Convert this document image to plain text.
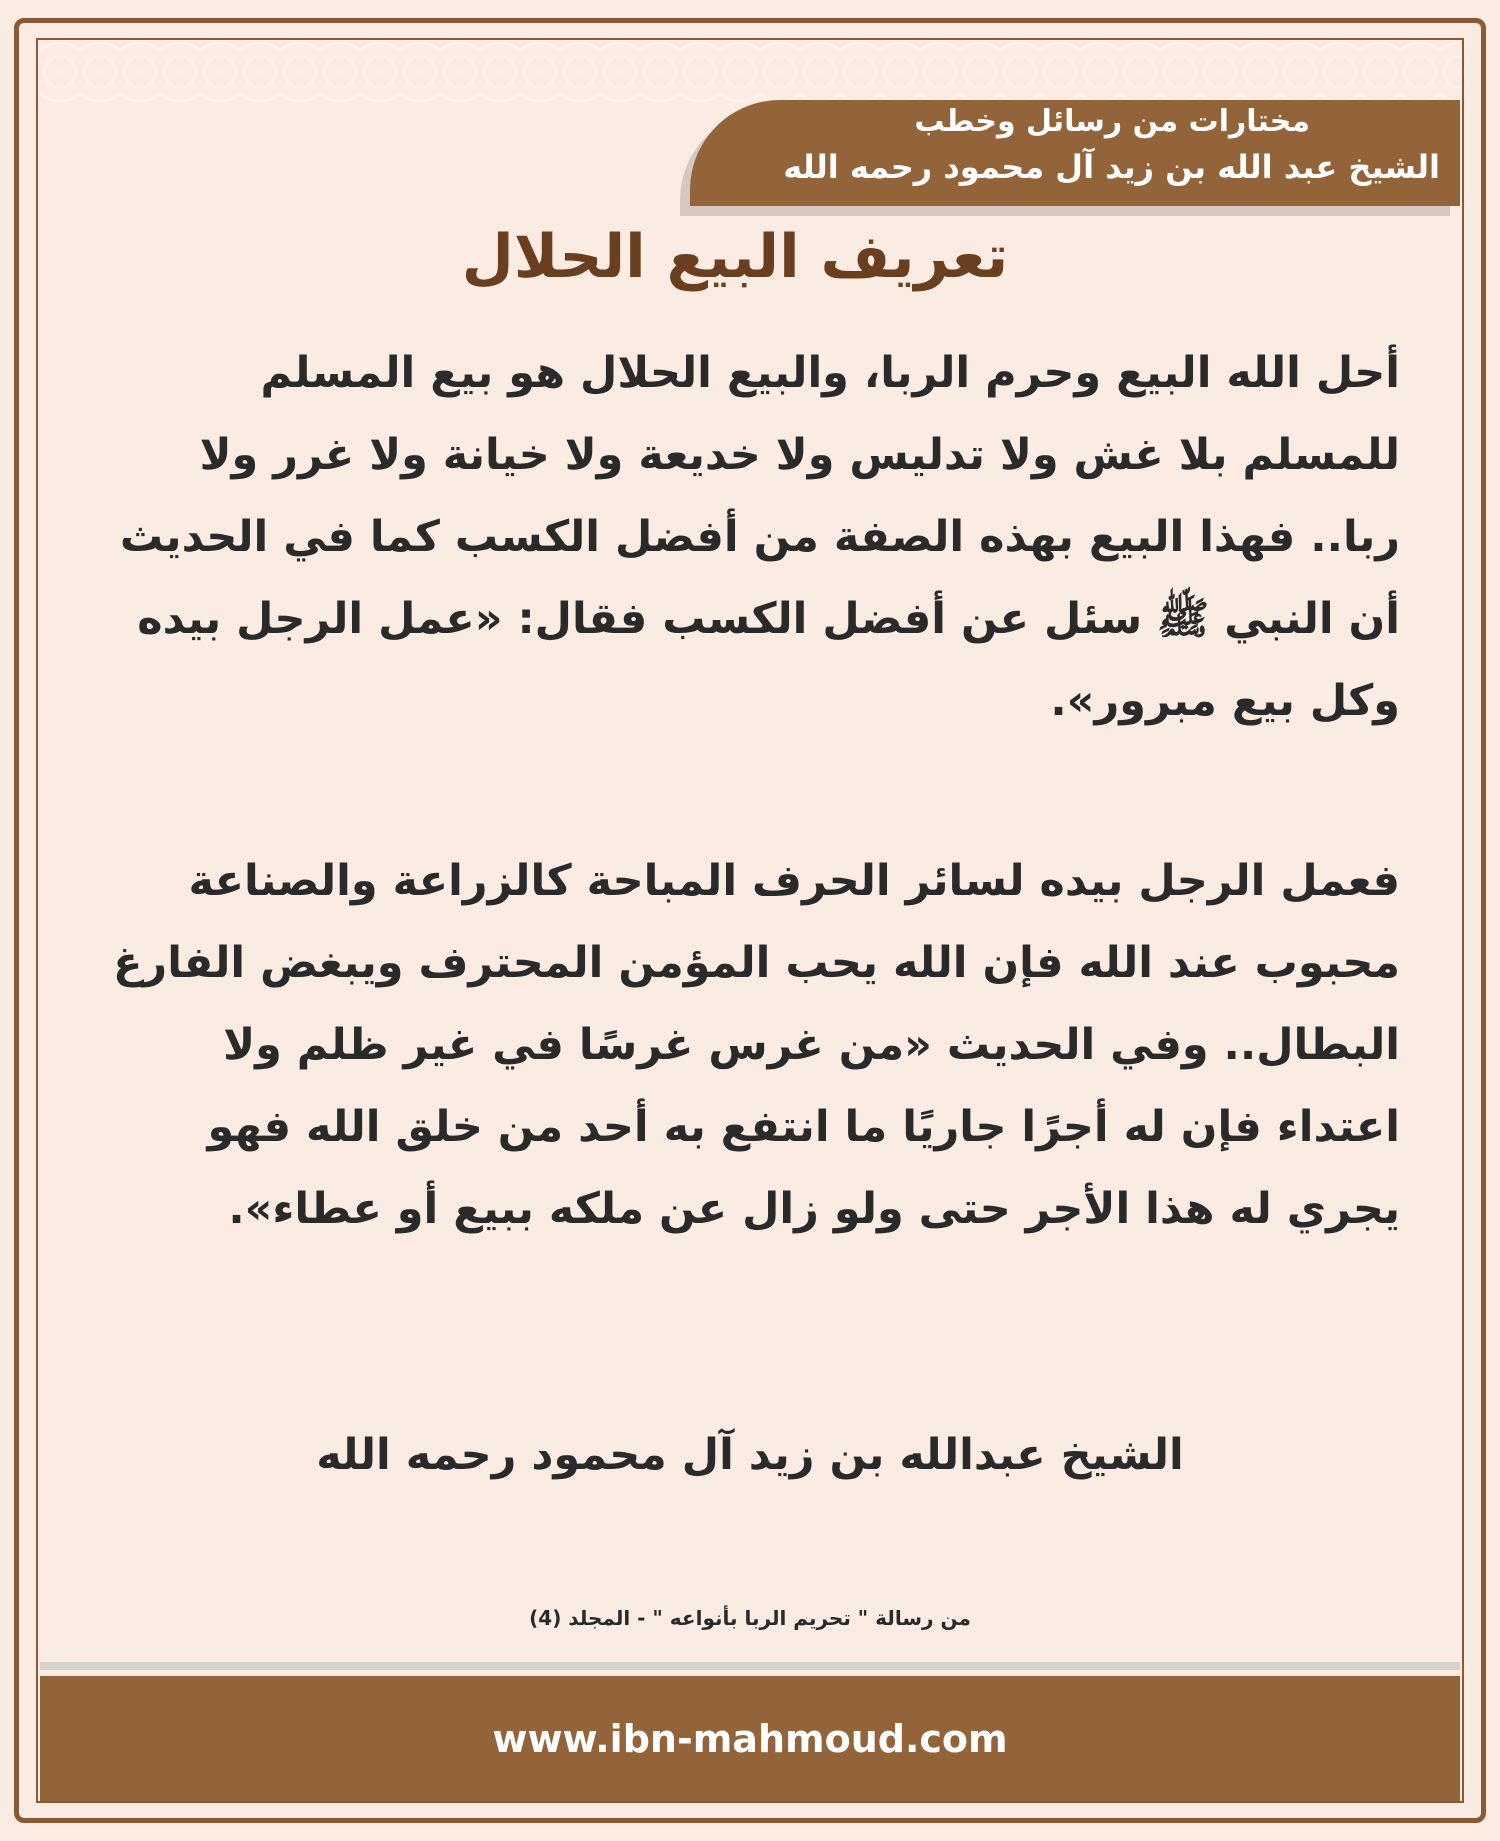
مختارات من رسائل وخطب
الشيخ عبد الله بن زيد آل محمود رحمه الله
تعريف البيع الحلال

أحل الله البيع وحرم الربا، والبيع الحلال هو بيع المسلم للمسلم بلا غش ولا تدليس ولا خديعة ولا خيانة ولا غرر ولا ربا.. فهذا البيع بهذه الصفة من أفضل الكسب كما في الحديث أن النبي ﷺ سئل عن أفضل الكسب فقال: «عمل الرجل بيده وكل بيع مبرور».

فعمل الرجل بيده لسائر الحرف المباحة كالزراعة والصناعة محبوب عند الله فإن الله يحب المؤمن المحترف ويبغض الفارغ البطال.. وفي الحديث «من غرس غرسًا في غير ظلم ولا اعتداء فإن له أجرًا جاريًا ما انتفع به أحد من خلق الله فهو يجري له هذا الأجر حتى ولو زال عن ملكه ببيع أو عطاء».

الشيخ عبدالله بن زيد آل محمود رحمه الله
من رسالة " تحريم الربا بأنواعه " - المجلد (4)
www.ibn-mahmoud.com
